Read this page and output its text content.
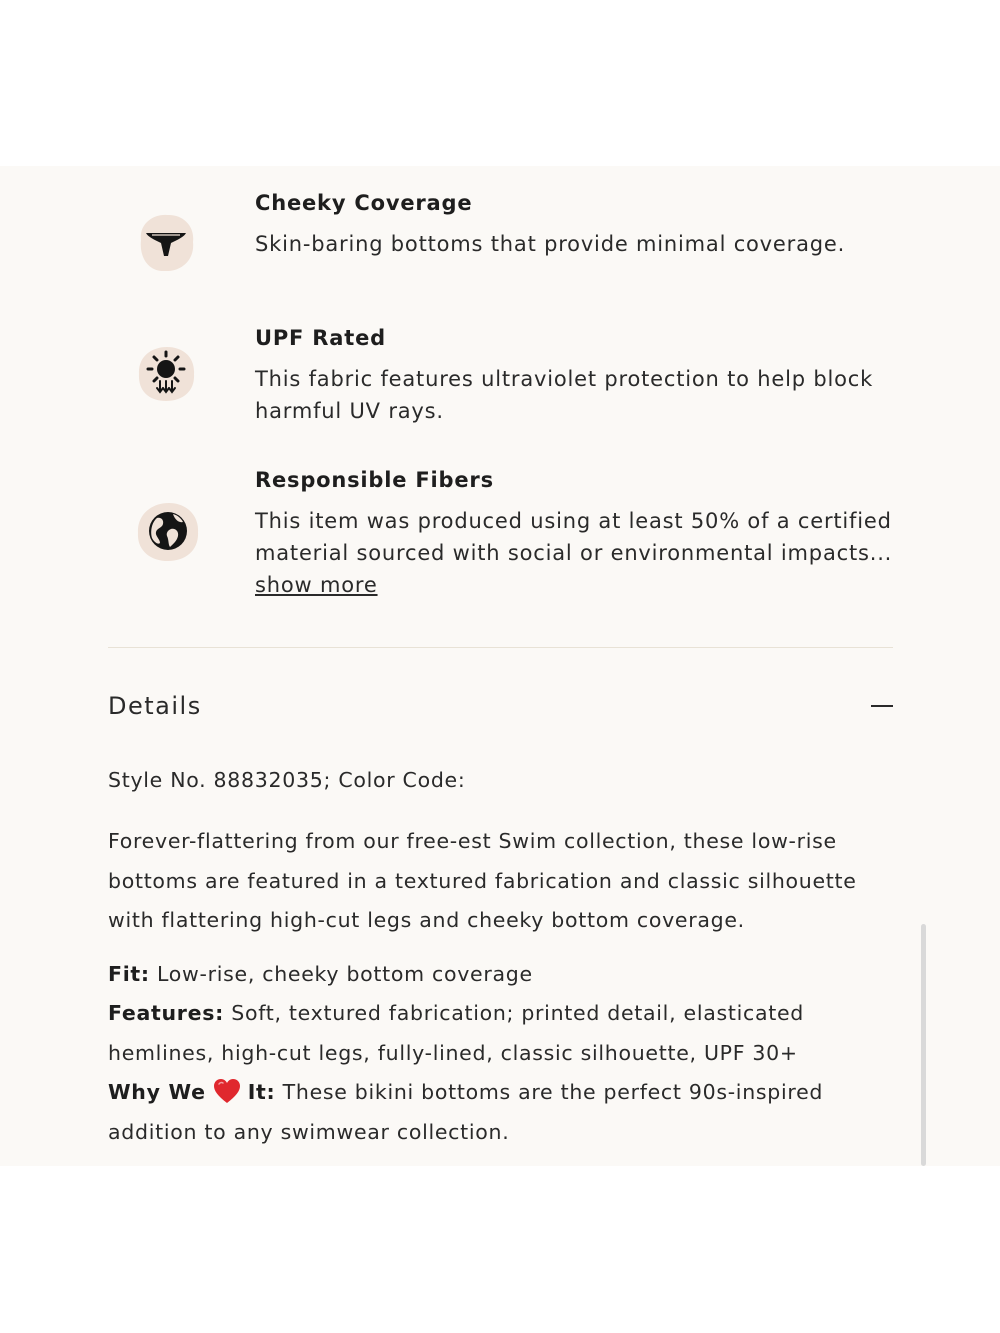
Cheeky Coverage
Skin-baring bottoms that provide minimal coverage.
UPF Rated
This fabric features ultraviolet protection to help block harmful UV rays.
Responsible Fibers
This item was produced using at least 50% of a certified material sourced with social or environmental impacts...
show more
Details

Style No. 88832035; Color Code:

Forever-flattering from our free-est Swim collection, these low-rise bottoms are featured in a textured fabrication and classic silhouette with flattering high-cut legs and cheeky bottom coverage.

Fit: Low-rise, cheeky bottom coverage
Features: Soft, textured fabrication; printed detail, elasticated hemlines, high-cut legs, fully-lined, classic silhouette, UPF 30+
Why We It: These bikini bottoms are the perfect 90s-inspired addition to any swimwear collection.
